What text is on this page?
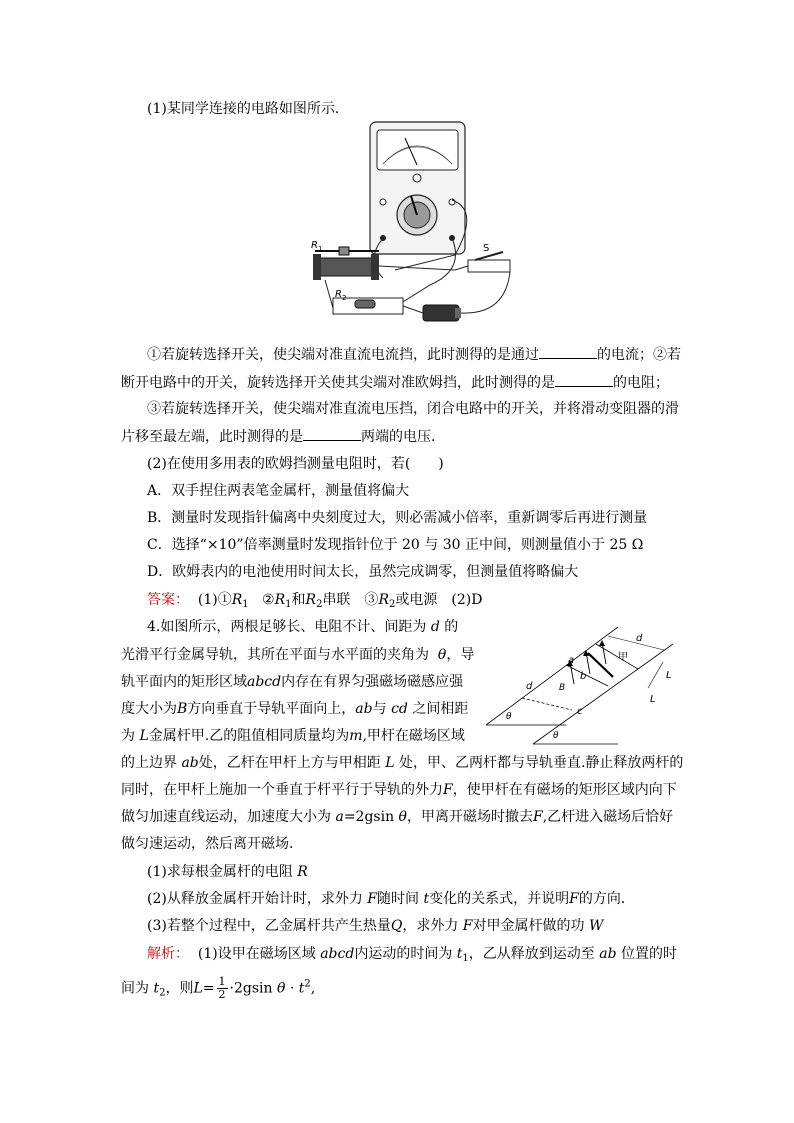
(1)某同学连接的电路如图所示．
R 1
R 2
S
①若旋转选择开关，使尖端对准直流电流挡，此时测得的是通过	的电流；②若
断开电路中的开关，旋转选择开关使其尖端对准欧姆挡，此时测得的是	的电阻；
③若旋转选择开关，使尖端对准直流电压挡，闭合电路中的开关，并将滑动变阻器的滑
片移至最左端，此时测得的是	两端的电压．
(2)在使用多用表的欧姆挡测量电阻时，若(　　)
A．双手捏住两表笔金属杆，测量值将偏大
B．测量时发现指针偏离中央刻度过大，则必需减小倍率，重新调零后再进行测量
C．选择“×10”倍率测量时发现指针位于 20 与 30 正中间，则测量值小于 25 Ω
D．欧姆表内的电池使用时间太长，虽然完成调零，但测量值将略偏大
答案： $(1)①R_1$ $②R_1$和$R_2$串联　$③R_2$或电源　(2)D
4.如图所示，两根足够长、电阻不计、间距为 d 的
光滑平行金属导轨，其所在平面与水平面的夹角为 θ，导
轨平面内的矩形区域abcd内存在有界匀强磁场磁感应强
度大小为B方向垂直于导轨平面向上，ab与 cd 之间相距
为 L金属杆甲.乙的阻值相同质量均为m,甲杆在磁场区域
d
L
L
甲
a
b
d
c
B
θ
θ
的上边界 ab处，乙杆在甲杆上方与甲相距 L 处，甲、乙两杆都与导轨垂直.静止释放两杆的
同时，在甲杆上施加一个垂直于杆平行于导轨的外力F，使甲杆在有磁场的矩形区域内向下
做匀加速直线运动，加速度大小为 a=2gsin θ，甲离开磁场时撤去F,乙杆进入磁场后恰好
做匀速运动，然后离开磁场．
(1)求每根金属杆的电阻 R
(2)从释放金属杆开始计时，求外力 F随时间 t变化的关系式，并说明F的方向．
(3)若整个过程中，乙金属杆共产生热量Q，求外力 F对甲金属杆做的功 W
解析： (1)设甲在磁场区域 abcd内运动的时间为 $t_1$，乙从释放到运动至 ab 位置的时
间为 $t_2$，则$L= \frac{1}{2} \cdot 2gsin$ $\theta \cdot t^2$,
